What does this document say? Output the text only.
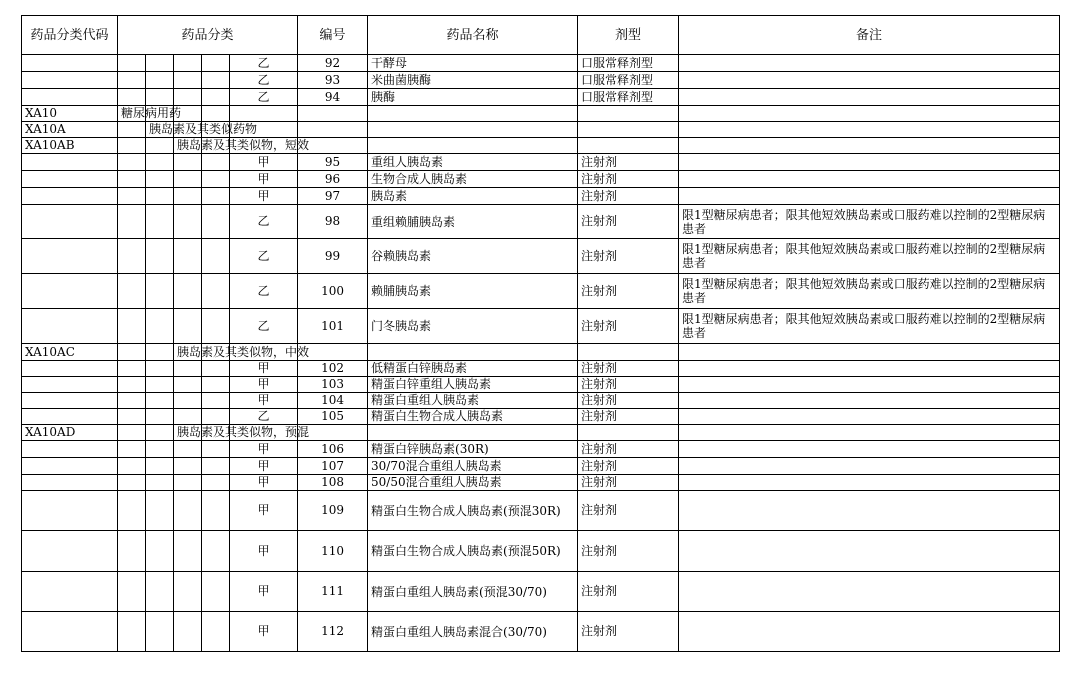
药品分类代码	药品分类					编号	药品名称	剂型	备注
					乙	92	干酵母	口服常释剂型	
					乙	93	米曲菌胰酶	口服常释剂型	
					乙	94	胰酶	口服常释剂型	
XA10	糖尿病用药								
XA10A		胰岛素及其类似药物							
XA10AB			胰岛素及其类似物，短效						
					甲	95	重组人胰岛素	注射剂	
					甲	96	生物合成人胰岛素	注射剂	
					甲	97	胰岛素	注射剂	
					乙	98	重组赖脯胰岛素	注射剂	限1型糖尿病患者；限其他短效胰岛素或口服药难以控制的2型糖尿病患者
					乙	99	谷赖胰岛素	注射剂	限1型糖尿病患者；限其他短效胰岛素或口服药难以控制的2型糖尿病患者
					乙	100	赖脯胰岛素	注射剂	限1型糖尿病患者；限其他短效胰岛素或口服药难以控制的2型糖尿病患者
					乙	101	门冬胰岛素	注射剂	限1型糖尿病患者；限其他短效胰岛素或口服药难以控制的2型糖尿病患者
XA10AC			胰岛素及其类似物，中效						
					甲	102	低精蛋白锌胰岛素	注射剂	
					甲	103	精蛋白锌重组人胰岛素	注射剂	
					甲	104	精蛋白重组人胰岛素	注射剂	
					乙	105	精蛋白生物合成人胰岛素	注射剂	
XA10AD			胰岛素及其类似物，预混						
					甲	106	精蛋白锌胰岛素(30R)	注射剂	
					甲	107	30/70混合重组人胰岛素	注射剂	
					甲	108	50/50混合重组人胰岛素	注射剂	
					甲	109	精蛋白生物合成人胰岛素(预混30R)	注射剂	
					甲	110	精蛋白生物合成人胰岛素(预混50R)	注射剂	
					甲	111	精蛋白重组人胰岛素(预混30/70)	注射剂	
					甲	112	精蛋白重组人胰岛素混合(30/70)	注射剂	
